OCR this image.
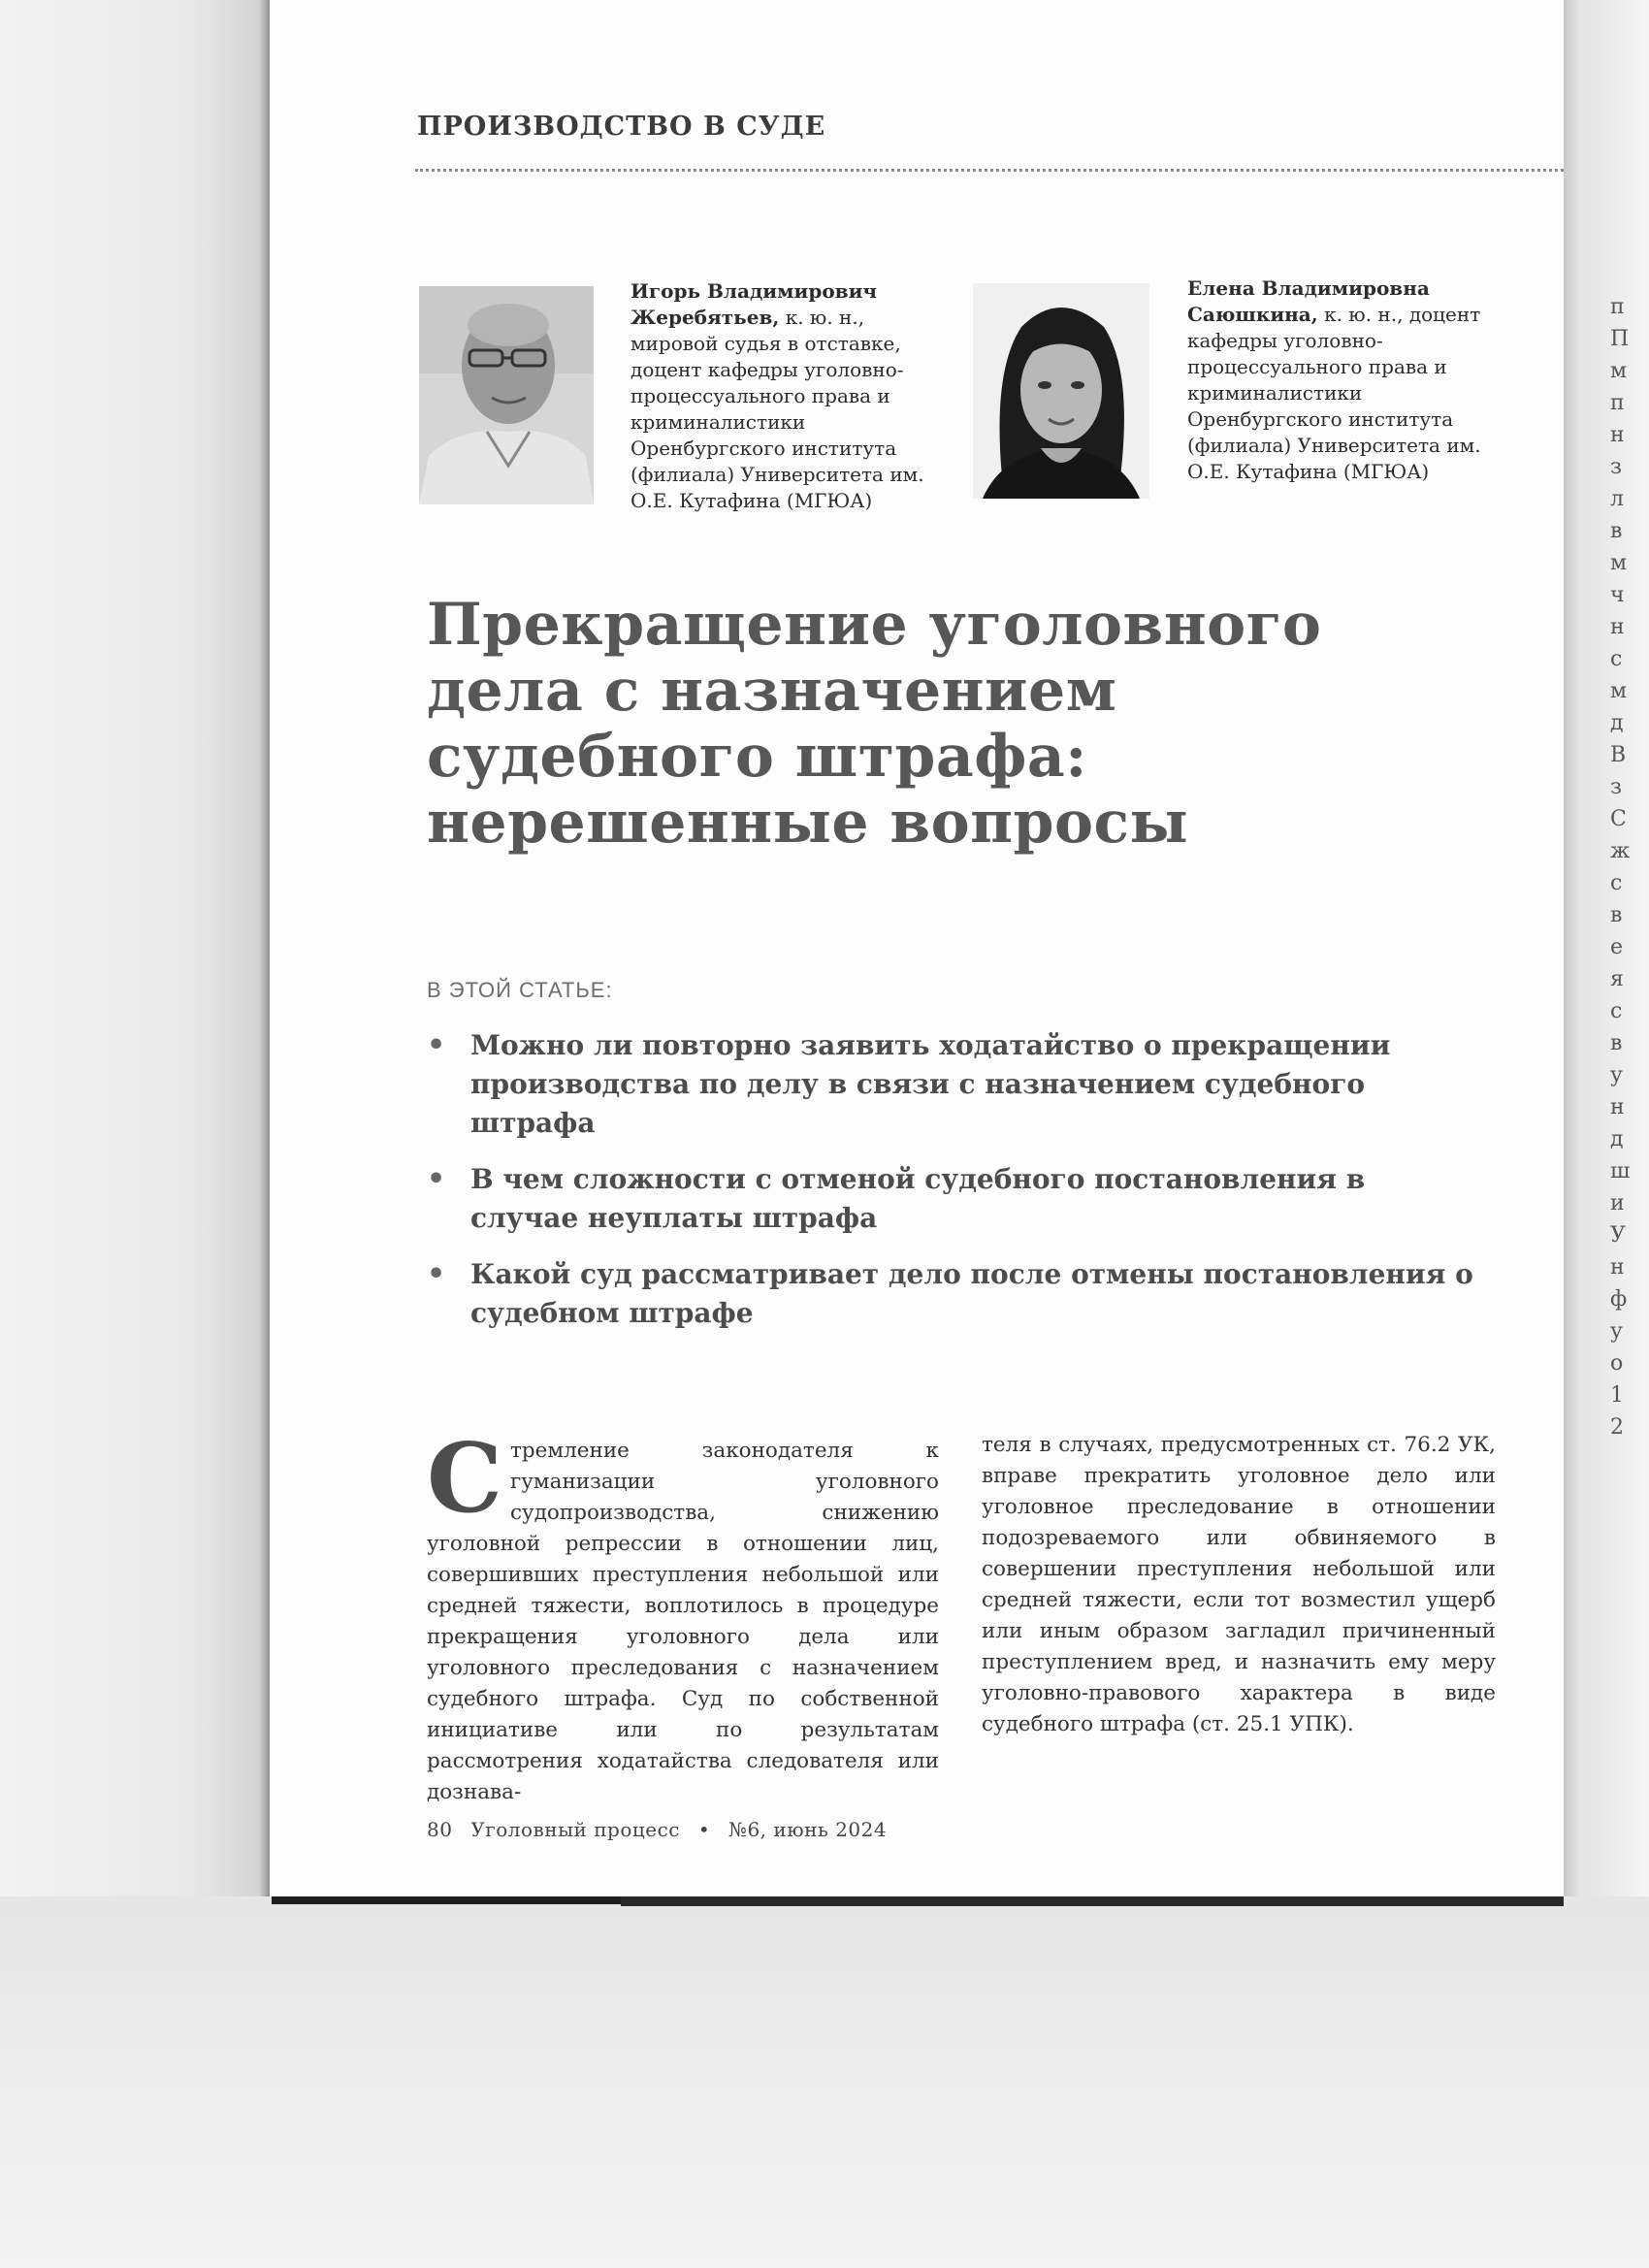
ПРОИЗВОДСТВО В СУДЕ
Игорь Владимирович Жеребятьев, к. ю. н., мировой судья в отставке, доцент кафедры уголовно-процессуального права и криминалистики Оренбургского института (филиала) Университета им. О.Е. Кутафина (МГЮА)
Елена Владимировна Саюшкина, к. ю. н., доцент кафедры уголовно-процессуального права и криминалистики Оренбургского института (филиала) Университета им. О.Е. Кутафина (МГЮА)
Прекращение уголовного дела с назначением судебного штрафа: нерешенные вопросы
В ЭТОЙ СТАТЬЕ:
• Можно ли повторно заявить ходатайство о прекращении производства по делу в связи с назначением судебного штрафа
• В чем сложности с отменой судебного постановления в случае неуплаты штрафа
• Какой суд рассматривает дело после отмены постановления о судебном штрафе
С тремление законодателя к гуманизации уголовного судопроизводства, снижению уголовной репрессии в отношении лиц, совершивших преступления небольшой или средней тяжести, воплотилось в процедуре прекращения уголовного дела или уголовного преследования с назначением судебного штрафа. Суд по собственной инициативе или по результатам рассмотрения ходатайства следователя или дознава-
теля в случаях, предусмотренных ст. 76.2 УК, вправе прекратить уголовное дело или уголовное преследование в отношении подозреваемого или обвиняемого в совершении преступления небольшой или средней тяжести, если тот возместил ущерб или иным образом загладил причиненный преступлением вред, и назначить ему меру уголовно-правового характера в виде судебного штрафа (ст. 25.1 УПК).
80 Уголовный процесс • №6, июнь 2024
п
П
м
п
н
з
л
в
м
ч
н
с
м
д
В
з
С
ж
с
в
е
я
с
в
у
н
д
ш
и
У
н
ф
у
о
1
2
